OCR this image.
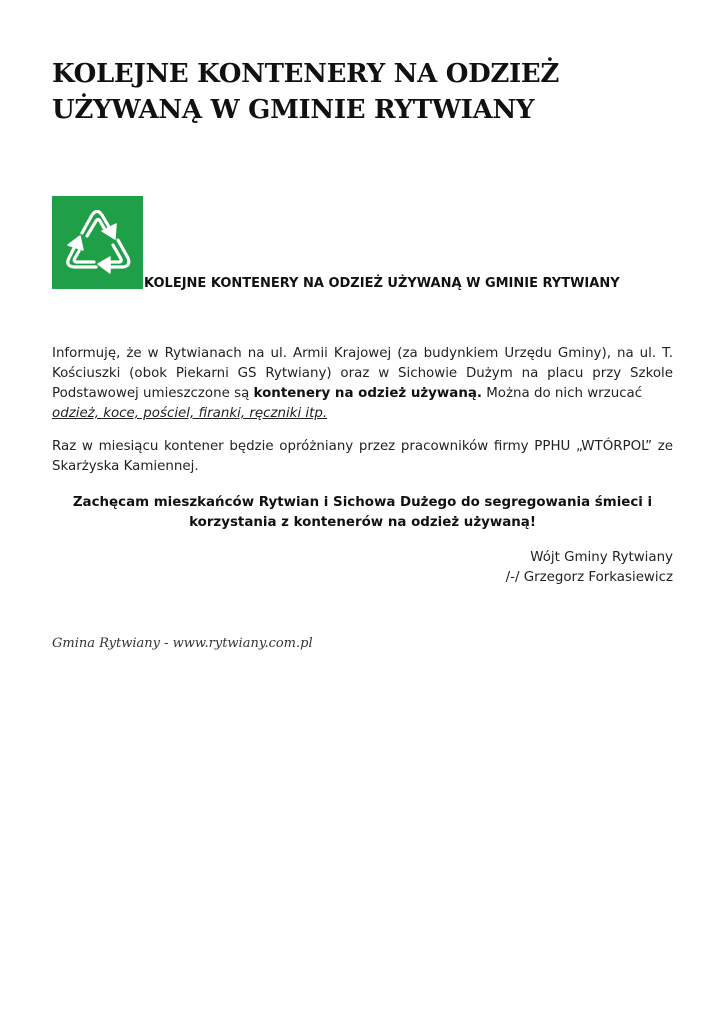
KOLEJNE KONTENERY NA ODZIEŻ
UŻYWANĄ W GMINIE RYTWIANY
KOLEJNE KONTENERY NA ODZIEŻ UŻYWANĄ W GMINIE RYTWIANY

Informuję, że w Rytwianach na ul. Armii Krajowej (za budynkiem Urzędu Gminy), na ul. T. Kościuszki (obok Piekarni GS Rytwiany) oraz w Sichowie Dużym na placu przy Szkole Podstawowej umieszczone są kontenery na odzież używaną. Można do nich wrzucać
odzież, koce, pościel, firanki, ręczniki itp.

Raz w miesiącu kontener będzie opróżniany przez pracowników firmy PPHU „WTÓRPOL” ze Skarżyska Kamiennej.

Zachęcam mieszkańców Rytwian i Sichowa Dużego do segregowania śmieci i korzystania z kontenerów na odzież używaną!

Wójt Gminy Rytwiany
/-/ Grzegorz Forkasiewicz

Gmina Rytwiany - www.rytwiany.com.pl
